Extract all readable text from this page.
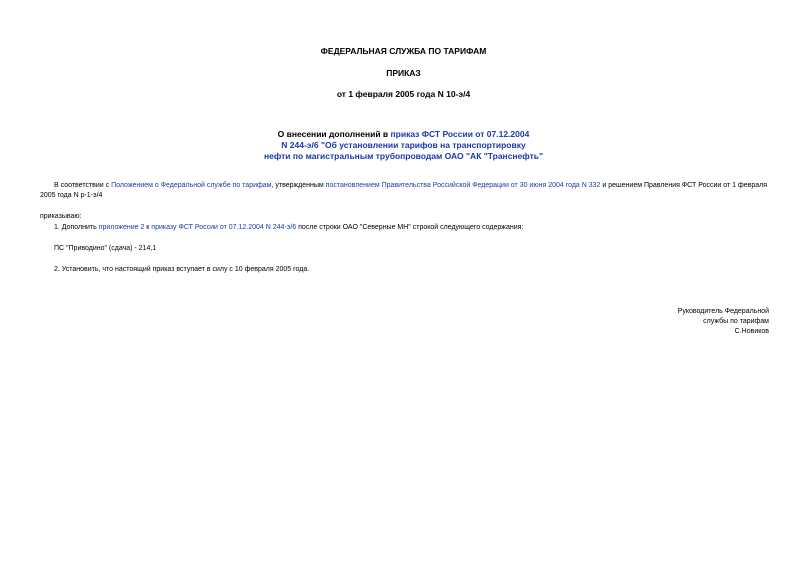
ФЕДЕРАЛЬНАЯ СЛУЖБА ПО ТАРИФАМ
ПРИКАЗ
от 1 февраля 2005 года N 10-э/4
О внесении дополнений в приказ ФСТ России от 07.12.2004
N 244-э/6 "Об установлении тарифов на транспортировку
нефти по магистральным трубопроводам ОАО "АК "Транснефть"
В соответствии с Положением о Федеральной службе по тарифам, утвержденным постановлением Правительства Российской Федерации от 30 июня 2004 года N 332 и решением Правления ФСТ России от 1 февраля 2005 года N р-1-э/4
приказываю:
1. Дополнить приложение 2 к приказу ФСТ России от 07.12.2004 N 244-э/6 после строки ОАО "Северные МН" строкой следующего содержания:
ПС "Приводино" (сдача) - 214,1
2. Установить, что настоящий приказ вступает в силу с 10 февраля 2005 года.
Руководитель Федеральной
службы по тарифам
С.Новиков
